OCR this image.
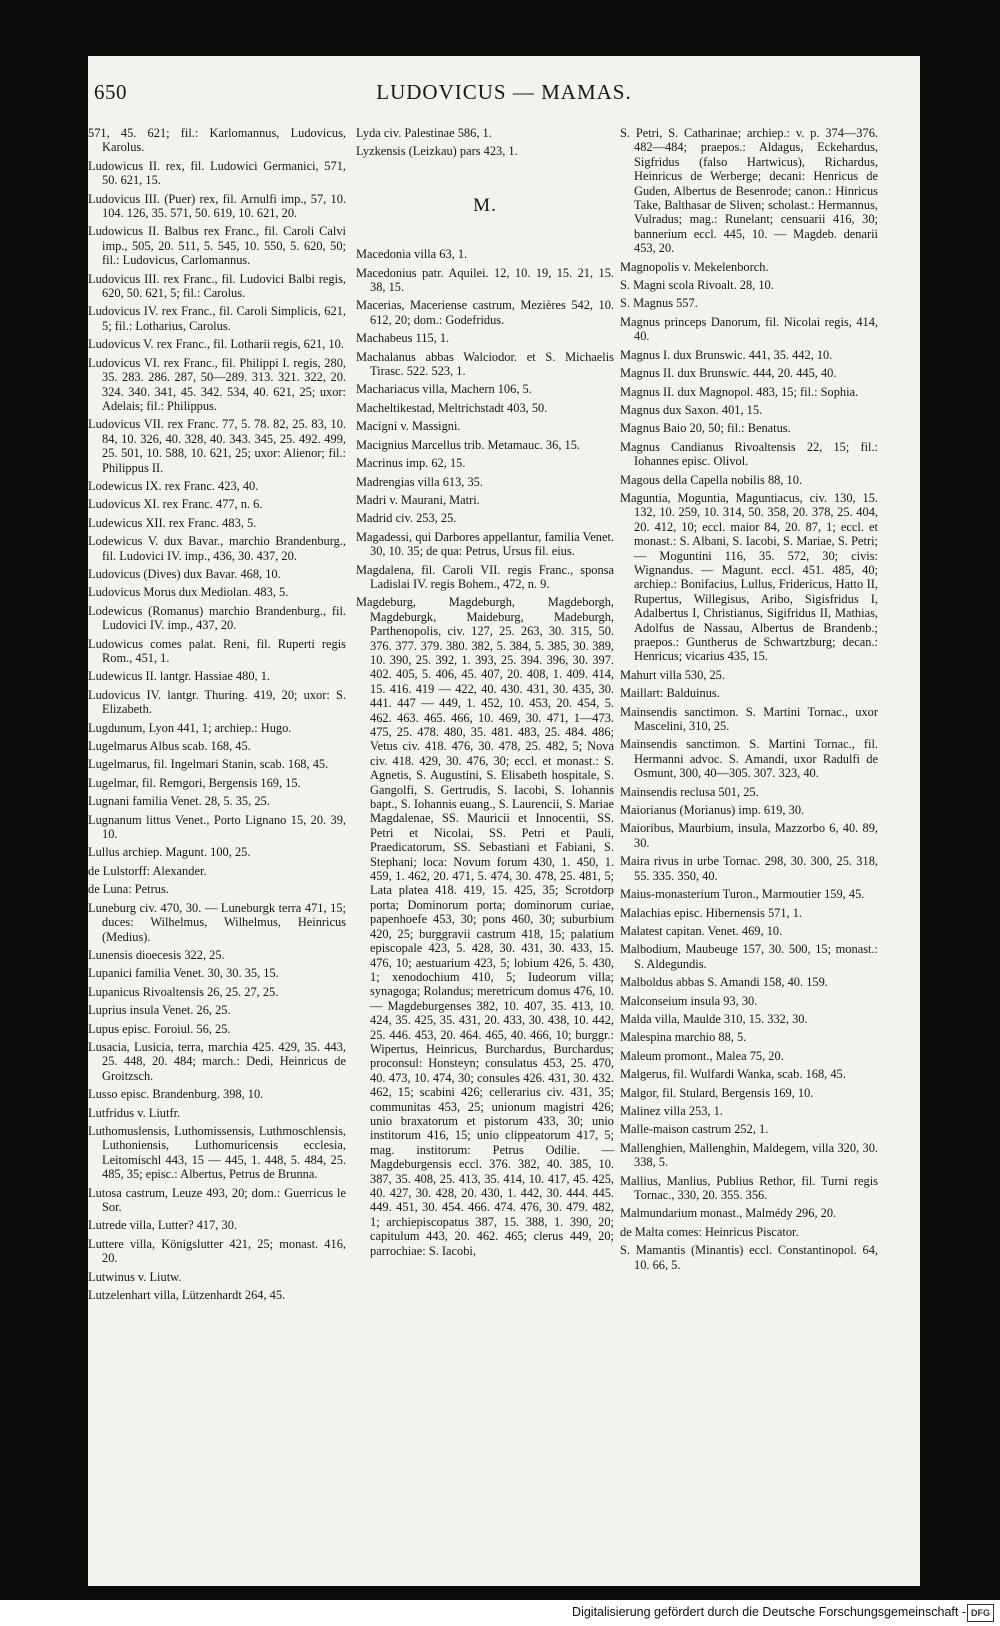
650	LUDOVICUS — MAMAS.
571, 45. 621; fil.: Karlomannus, Ludovicus, Karolus.
Ludowicus II. rex, fil. Ludowici Germanici, 571, 50. 621, 15.
Ludovicus III. (Puer) rex, fil. Arnulfi imp., 57, 10. 104. 126, 35. 571, 50. 619, 10. 621, 20.
Ludowicus II. Balbus rex Franc., fil. Caroli Calvi imp., 505, 20. 511, 5. 545, 10. 550, 5. 620, 50; fil.: Ludovicus, Carlomannus.
Ludovicus III. rex Franc., fil. Ludovici Balbi regis, 620, 50. 621, 5; fil.: Carolus.
Ludovicus IV. rex Franc., fil. Caroli Simplicis, 621, 5; fil.: Lotharius, Carolus.
Ludovicus V. rex Franc., fil. Lotharii regis, 621, 10.
Ludovicus VI. rex Franc., fil. Philippi I. regis, 280, 35. 283. 286. 287, 50—289. 313. 321. 322, 20. 324. 340. 341, 45. 342. 534, 40. 621, 25; uxor: Adelais; fil.: Philippus.
Ludovicus VII. rex Franc. 77, 5. 78. 82, 25. 83, 10. 84, 10. 326, 40. 328, 40. 343. 345, 25. 492. 499, 25. 501, 10. 588, 10. 621, 25; uxor: Alienor; fil.: Philippus II.
Lodewicus IX. rex Franc. 423, 40.
Ludovicus XI. rex Franc. 477, n. 6.
Ludewicus XII. rex Franc. 483, 5.
Lodewicus V. dux Bavar., marchio Brandenburg., fil. Ludovici IV. imp., 436, 30. 437, 20.
Ludovicus (Dives) dux Bavar. 468, 10.
Ludovicus Morus dux Mediolan. 483, 5.
Lodewicus (Romanus) marchio Brandenburg., fil. Ludovici IV. imp., 437, 20.
Ludowicus comes palat. Reni, fil. Ruperti regis Rom., 451, 1.
Ludewicus II. lantgr. Hassiae 480, 1.
Ludovicus IV. lantgr. Thuring. 419, 20; uxor: S. Elizabeth.
Lugdunum, Lyon 441, 1; archiep.: Hugo.
Lugelmarus Albus scab. 168, 45.
Lugelmarus, fil. Ingelmari Stanin, scab. 168, 45.
Lugelmar, fil. Remgori, Bergensis 169, 15.
Lugnani familia Venet. 28, 5. 35, 25.
Lugnanum littus Venet., Porto Lignano 15, 20. 39, 10.
Lullus archiep. Magunt. 100, 25.
de Lulstorff: Alexander.
de Luna: Petrus.
Luneburg civ. 470, 30. — Luneburgk terra 471, 15; duces: Wilhelmus, Wilhelmus, Heinricus (Medius).
Lunensis dioecesis 322, 25.
Lupanici familia Venet. 30, 30. 35, 15.
Lupanicus Rivoaltensis 26, 25. 27, 25.
Luprius insula Venet. 26, 25.
Lupus episc. Foroiul. 56, 25.
Lusacia, Lusicia, terra, marchia 425. 429, 35. 443, 25. 448, 20. 484; march.: Dedi, Heinricus de Groitzsch.
Lusso episc. Brandenburg. 398, 10.
Lutfridus v. Liutfr.
Luthomuslensis, Luthomissensis, Luthmoschlensis, Luthoniensis, Luthomuricensis ecclesia, Leitomischl 443, 15 — 445, 1. 448, 5. 484, 25. 485, 35; episc.: Albertus, Petrus de Brunna.
Lutosa castrum, Leuze 493, 20; dom.: Guerricus le Sor.
Lutrede villa, Lutter? 417, 30.
Luttere villa, Königslutter 421, 25; monast. 416, 20.
Lutwinus v. Liutw.
Lutzelenhart villa, Lützenhardt 264, 45.
Lyda civ. Palestinae 586, 1.
Lyzkensis (Leizkau) pars 423, 1.
M.
Macedonia villa 63, 1.
Macedonius patr. Aquilei. 12, 10. 19, 15. 21, 15. 38, 15.
Macerias, Maceriense castrum, Mezières 542, 10. 612, 20; dom.: Godefridus.
Machabeus 115, 1.
Machalanus abbas Walciodor. et S. Michaelis Tirasc. 522. 523, 1.
Machariacus villa, Machern 106, 5.
Macheltikestad, Meltrichstadt 403, 50.
Macigni v. Massigni.
Macignius Marcellus trib. Metamauc. 36, 15.
Macrinus imp. 62, 15.
Madrengias villa 613, 35.
Madri v. Maurani, Matri.
Madrid civ. 253, 25.
Magadessi, qui Darbores appellantur, familia Venet. 30, 10. 35; de qua: Petrus, Ursus fil. eius.
Magdalena, fil. Caroli VII. regis Franc., sponsa Ladislai IV. regis Bohem., 472, n. 9.
Magdeburg, Magdeburgh, Magdeborgh, Magdeburgk, Maideburg, Madeburgh, Parthenopolis, civ. 127, 25. 263, 30. 315, 50. 376. 377. 379. 380. 382, 5. 384, 5. 385, 30. 389, 10. 390, 25. 392, 1. 393, 25. 394. 396, 30. 397. 402. 405, 5. 406, 45. 407, 20. 408, 1. 409. 414, 15. 416. 419 — 422, 40. 430. 431, 30. 435, 30. 441. 447 — 449, 1. 452, 10. 453, 20. 454, 5. 462. 463. 465. 466, 10. 469, 30. 471, 1—473. 475, 25. 478. 480, 35. 481. 483, 25. 484. 486; Vetus civ. 418. 476, 30. 478, 25. 482, 5; Nova civ. 418. 429, 30. 476, 30; eccl. et monast.: S. Agnetis, S. Augustini, S. Elisabeth hospitale, S. Gangolfi, S. Gertrudis, S. Iacobi, S. Iohannis bapt., S. Iohannis euang., S. Laurencii, S. Mariae Magdalenae, SS. Mauricii et Innocentii, SS. Petri et Nicolai, SS. Petri et Pauli, Praedicatorum, SS. Sebastiani et Fabiani, S. Stephani; loca: Novum forum 430, 1. 450, 1. 459, 1. 462, 20. 471, 5. 474, 30. 478, 25. 481, 5; Lata platea 418. 419, 15. 425, 35; Scrotdorp porta; Dominorum porta; dominorum curiae, papenhoefe 453, 30; pons 460, 30; suburbium 420, 25; burggravii castrum 418, 15; palatium episcopale 423, 5. 428, 30. 431, 30. 433, 15. 476, 10; aestuarium 423, 5; lobium 426, 5. 430, 1; xenodochium 410, 5; Iudeorum villa; synagoga; Rolandus; meretricum domus 476, 10. — Magdeburgenses 382, 10. 407, 35. 413, 10. 424, 35. 425, 35. 431, 20. 433, 30. 438, 10. 442, 25. 446. 453, 20. 464. 465, 40. 466, 10; burggr.: Wipertus, Heinricus, Burchardus, Burchardus; proconsul: Honsteyn; consulatus 453, 25. 470, 40. 473, 10. 474, 30; consules 426. 431, 30. 432. 462, 15; scabini 426; cellerarius civ. 431, 35; communitas 453, 25; unionum magistri 426; unio braxatorum et pistorum 433, 30; unio institorum 416, 15; unio clippeatorum 417, 5; mag. institorum: Petrus Odilie. — Magdeburgensis eccl. 376. 382, 40. 385, 10. 387, 35. 408, 25. 413, 35. 414, 10. 417, 45. 425, 40. 427, 30. 428, 20. 430, 1. 442, 30. 444. 445. 449. 451, 30. 454. 466. 474. 476, 30. 479. 482, 1; archiepiscopatus 387, 15. 388, 1. 390, 20; capitulum 443, 20. 462. 465; clerus 449, 20; parrochiae: S. Iacobi,
S. Petri, S. Catharinae; archiep.: v. p. 374—376. 482—484; praepos.: Aldagus, Eckehardus, Sigfridus (falso Hartwicus), Richardus, Heinricus de Werberge; decani: Henricus de Guden, Albertus de Besenrode; canon.: Hinricus Take, Balthasar de Sliven; scholast.: Hermannus, Vulradus; mag.: Runelant; censuarii 416, 30; bannerium eccl. 445, 10. — Magdeb. denarii 453, 20.
Magnopolis v. Mekelenborch.
S. Magni scola Rivoalt. 28, 10.
S. Magnus 557.
Magnus princeps Danorum, fil. Nicolai regis, 414, 40.
Magnus I. dux Brunswic. 441, 35. 442, 10.
Magnus II. dux Brunswic. 444, 20. 445, 40.
Magnus II. dux Magnopol. 483, 15; fil.: Sophia.
Magnus dux Saxon. 401, 15.
Magnus Baio 20, 50; fil.: Benatus.
Magnus Candianus Rivoaltensis 22, 15; fil.: Iohannes episc. Olivol.
Magous della Capella nobilis 88, 10.
Maguntia, Moguntia, Maguntiacus, civ. 130, 15. 132, 10. 259, 10. 314, 50. 358, 20. 378, 25. 404, 20. 412, 10; eccl. maior 84, 20. 87, 1; eccl. et monast.: S. Albani, S. Iacobi, S. Mariae, S. Petri; — Moguntini 116, 35. 572, 30; civis: Wignandus. — Magunt. eccl. 451. 485, 40; archiep.: Bonifacius, Lullus, Fridericus, Hatto II, Rupertus, Willegisus, Aribo, Sigisfridus I, Adalbertus I, Christianus, Sigifridus II, Mathias, Adolfus de Nassau, Albertus de Brandenb.; praepos.: Guntherus de Schwartzburg; decan.: Henricus; vicarius 435, 15.
Mahurt villa 530, 25.
Maillart: Balduinus.
Mainsendis sanctimon. S. Martini Tornac., uxor Mascelini, 310, 25.
Mainsendis sanctimon. S. Martini Tornac., fil. Hermanni advoc. S. Amandi, uxor Radulfi de Osmunt, 300, 40—305. 307. 323, 40.
Mainsendis reclusa 501, 25.
Maiorianus (Morianus) imp. 619, 30.
Maioribus, Maurbium, insula, Mazzorbo 6, 40. 89, 30.
Maira rivus in urbe Tornac. 298, 30. 300, 25. 318, 55. 335. 350, 40.
Maius-monasterium Turon., Marmoutier 159, 45.
Malachias episc. Hibernensis 571, 1.
Malatest capitan. Venet. 469, 10.
Malbodium, Maubeuge 157, 30. 500, 15; monast.: S. Aldegundis.
Malboldus abbas S. Amandi 158, 40. 159.
Malconseium insula 93, 30.
Malda villa, Maulde 310, 15. 332, 30.
Malespina marchio 88, 5.
Maleum promont., Malea 75, 20.
Malgerus, fil. Wulfardi Wanka, scab. 168, 45.
Malgor, fil. Stulard, Bergensis 169, 10.
Malinez villa 253, 1.
Malle-maison castrum 252, 1.
Mallenghien, Mallenghin, Maldegem, villa 320, 30. 338, 5.
Mallius, Manlius, Publius Rethor, fil. Turni regis Tornac., 330, 20. 355. 356.
Malmundarium monast., Malmédy 296, 20.
de Malta comes: Heinricus Piscator.
S. Mamantis (Minantis) eccl. Constantinopol. 64, 10. 66, 5.
Digitalisierung gefördert durch die Deutsche Forschungsgemeinschaft - DFG
